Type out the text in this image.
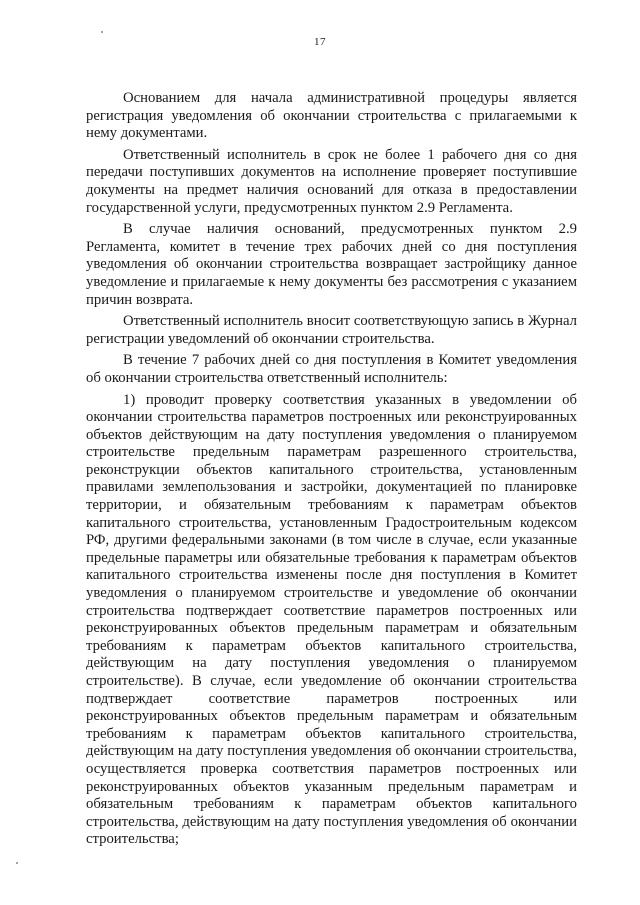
17

Основанием для начала административной процедуры является регистрация уведомления об окончании строительства с прилагаемыми к нему документами.

Ответственный исполнитель в срок не более 1 рабочего дня со дня передачи поступивших документов на исполнение проверяет поступившие документы на предмет наличия оснований для отказа в предоставлении государственной услуги, предусмотренных пунктом 2.9 Регламента.

В случае наличия оснований, предусмотренных пунктом 2.9 Регламента, комитет в течение трех рабочих дней со дня поступления уведомления об окончании строительства возвращает застройщику данное уведомление и прилагаемые к нему документы без рассмотрения с указанием причин возврата.

Ответственный исполнитель вносит соответствующую запись в Журнал регистрации уведомлений об окончании строительства.

В течение 7 рабочих дней со дня поступления в Комитет уведомления об окончании строительства ответственный исполнитель:

1) проводит проверку соответствия указанных в уведомлении об окончании строительства параметров построенных или реконструированных объектов действующим на дату поступления уведомления о планируемом строительстве предельным параметрам разрешенного строительства, реконструкции объектов капитального строительства, установленным правилами землепользования и застройки, документацией по планировке территории, и обязательным требованиям к параметрам объектов капитального строительства, установленным Градостроительным кодексом РФ, другими федеральными законами (в том числе в случае, если указанные предельные параметры или обязательные требования к параметрам объектов капитального строительства изменены после дня поступления в Комитет уведомления о планируемом строительстве и уведомление об окончании строительства подтверждает соответствие параметров построенных или реконструированных объектов предельным параметрам и обязательным требованиям к параметрам объектов капитального строительства, действующим на дату поступления уведомления о планируемом строительстве). В случае, если уведомление об окончании строительства подтверждает соответствие параметров построенных или реконструированных объектов предельным параметрам и обязательным требованиям к параметрам объектов капитального строительства, действующим на дату поступления уведомления об окончании строительства, осуществляется проверка соответствия параметров построенных или реконструированных объектов указанным предельным параметрам и обязательным требованиям к параметрам объектов капитального строительства, действующим на дату поступления уведомления об окончании строительства;
